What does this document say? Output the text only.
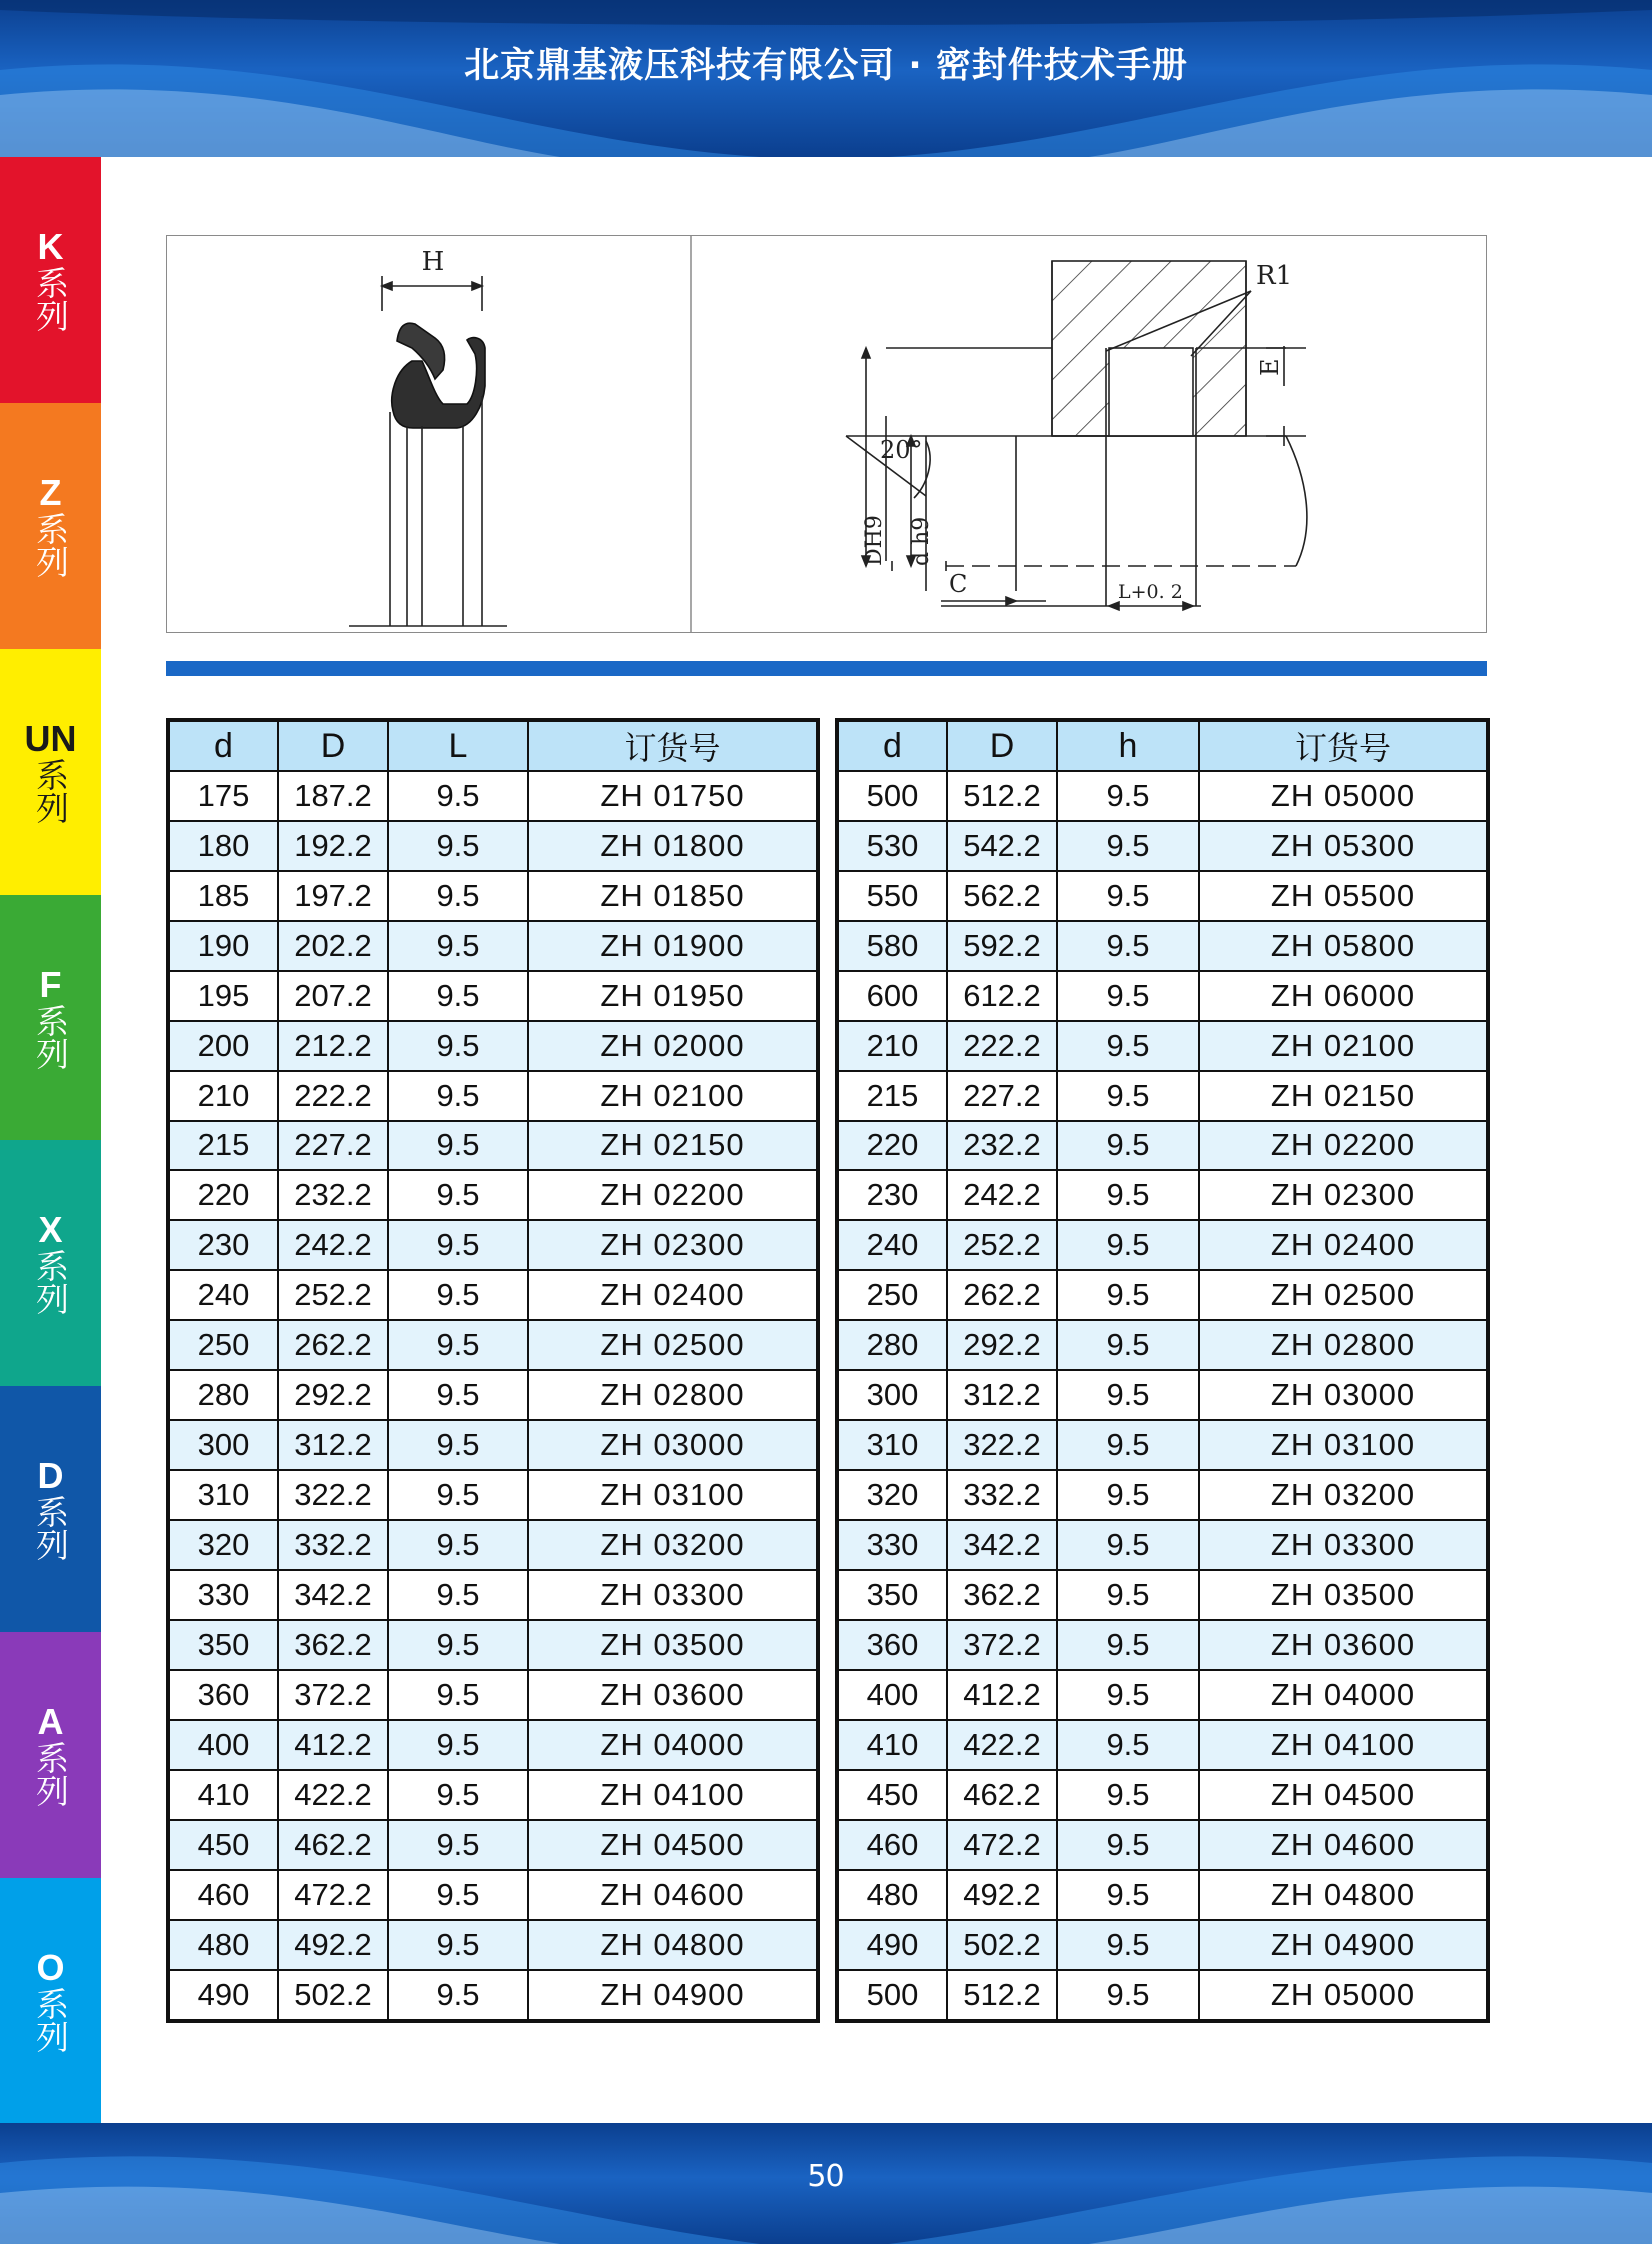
北京鼎基液压科技有限公司 · 密封件技术手册
K
系列
Z
系列
UN
系列
F
系列
X
系列
D
系列
A
系列
O
系列
H	R1
E
20°
DH9 d h9
C	L+0. 2
d	D	L	订货号
175	187.2	9.5	ZH 01750
180	192.2	9.5	ZH 01800
185	197.2	9.5	ZH 01850
190	202.2	9.5	ZH 01900
195	207.2	9.5	ZH 01950
200	212.2	9.5	ZH 02000
210	222.2	9.5	ZH 02100
215	227.2	9.5	ZH 02150
220	232.2	9.5	ZH 02200
230	242.2	9.5	ZH 02300
240	252.2	9.5	ZH 02400
250	262.2	9.5	ZH 02500
280	292.2	9.5	ZH 02800
300	312.2	9.5	ZH 03000
310	322.2	9.5	ZH 03100
320	332.2	9.5	ZH 03200
330	342.2	9.5	ZH 03300
350	362.2	9.5	ZH 03500
360	372.2	9.5	ZH 03600
400	412.2	9.5	ZH 04000
410	422.2	9.5	ZH 04100
450	462.2	9.5	ZH 04500
460	472.2	9.5	ZH 04600
480	492.2	9.5	ZH 04800
490	502.2	9.5	ZH 04900
d	D	h	订货号
500	512.2	9.5	ZH 05000
530	542.2	9.5	ZH 05300
550	562.2	9.5	ZH 05500
580	592.2	9.5	ZH 05800
600	612.2	9.5	ZH 06000
210	222.2	9.5	ZH 02100
215	227.2	9.5	ZH 02150
220	232.2	9.5	ZH 02200
230	242.2	9.5	ZH 02300
240	252.2	9.5	ZH 02400
250	262.2	9.5	ZH 02500
280	292.2	9.5	ZH 02800
300	312.2	9.5	ZH 03000
310	322.2	9.5	ZH 03100
320	332.2	9.5	ZH 03200
330	342.2	9.5	ZH 03300
350	362.2	9.5	ZH 03500
360	372.2	9.5	ZH 03600
400	412.2	9.5	ZH 04000
410	422.2	9.5	ZH 04100
450	462.2	9.5	ZH 04500
460	472.2	9.5	ZH 04600
480	492.2	9.5	ZH 04800
490	502.2	9.5	ZH 04900
500	512.2	9.5	ZH 05000
50
